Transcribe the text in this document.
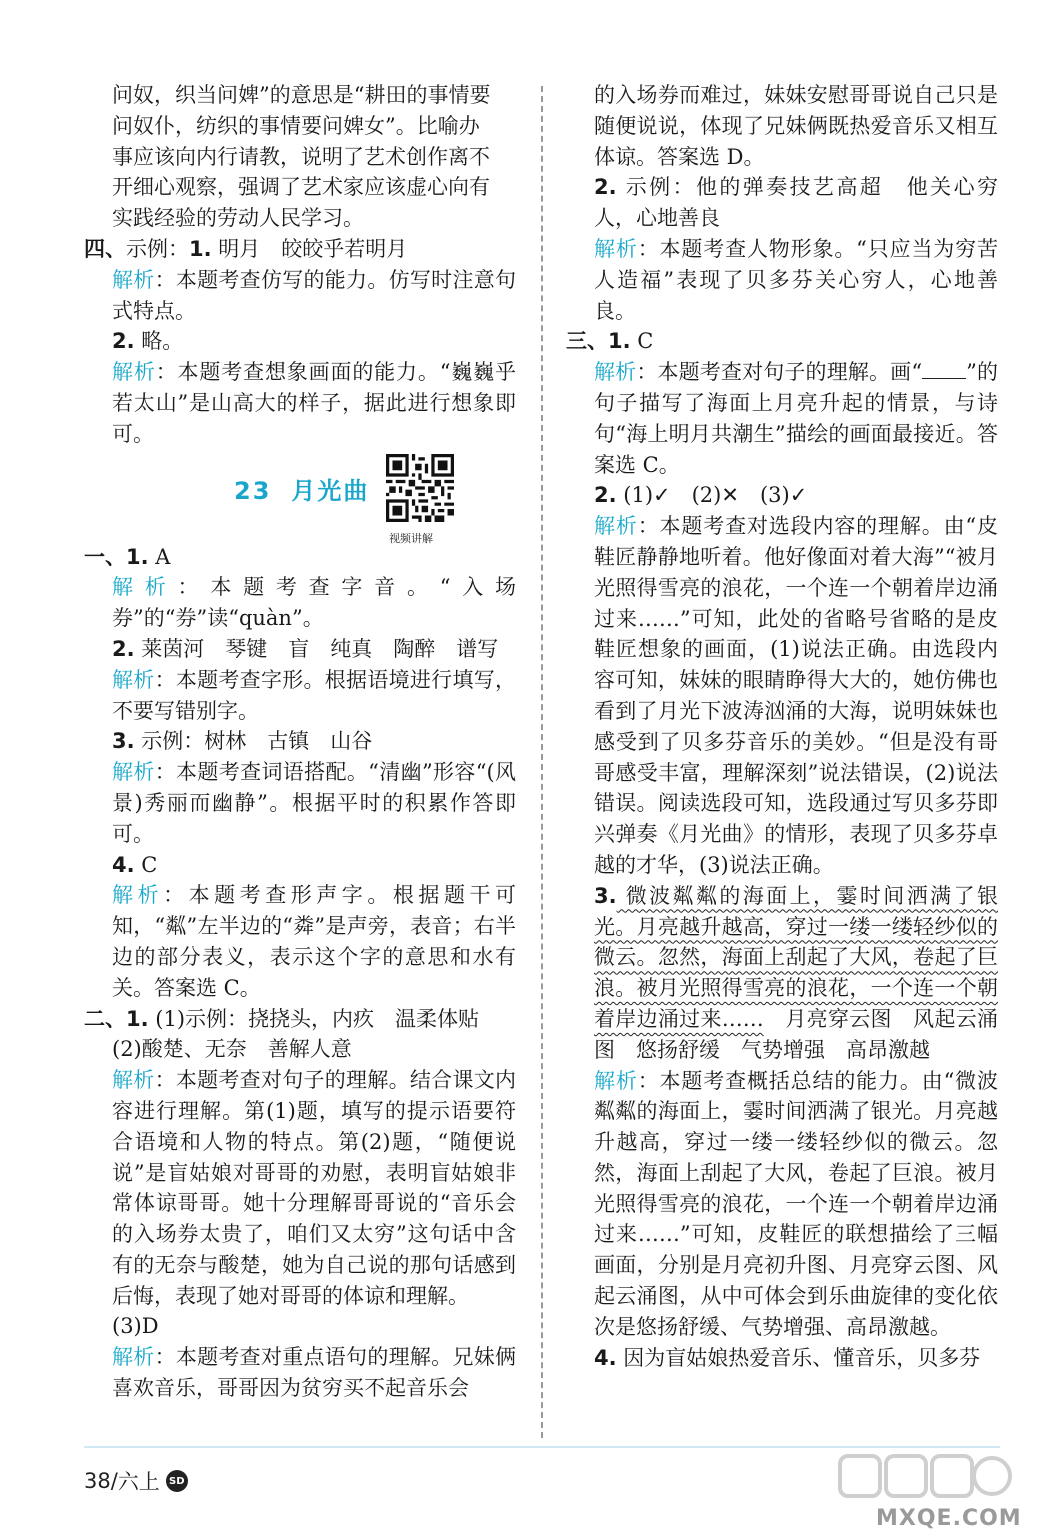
问奴，织当问婢”的意思是“耕田的事情要

问奴仆，纺织的事情要问婢女”。比喻办

事应该向内行请教，说明了艺术创作离不

开细心观察，强调了艺术家应该虚心向有

实践经验的劳动人民学习。

四、示例：1. 明月　皎皎乎若明月

解析：本题考查仿写的能力。仿写时注意句式特点。

2. 略。

解析：本题考查想象画面的能力。“巍巍乎若太山”是山高大的样子，据此进行想象即可。

23 月光曲
视频讲解

一、1. A

解析：本题考查字音。“入场券”的“券”读“quàn”。

2. 莱茵河　琴键　盲　纯真　陶醉　谱写

解析：本题考查字形。根据语境进行填写，不要写错别字。

3. 示例：树林　古镇　山谷

解析：本题考查词语搭配。“清幽”形容“(风景)秀丽而幽静”。根据平时的积累作答即可。

4. C

解析：本题考查形声字。根据题干可知，“粼”左半边的“粦”是声旁，表音；右半边的部分表义，表示这个字的意思和水有关。答案选 C。

二、1. (1)示例：挠挠头，内疚　温柔体贴

(2)酸楚、无奈　善解人意

解析：本题考查对句子的理解。结合课文内容进行理解。第(1)题，填写的提示语要符合语境和人物的特点。第(2)题，“随便说说”是盲姑娘对哥哥的劝慰，表明盲姑娘非常体谅哥哥。她十分理解哥哥说的“音乐会的入场券太贵了，咱们又太穷”这句话中含有的无奈与酸楚，她为自己说的那句话感到后悔，表现了她对哥哥的体谅和理解。

(3)D

解析：本题考查对重点语句的理解。兄妹俩喜欢音乐，哥哥因为贫穷买不起音乐会

的入场券而难过，妹妹安慰哥哥说自己只是随便说说，体现了兄妹俩既热爱音乐又相互体谅。答案选 D。

2. 示例：他的弹奏技艺高超　他关心穷人，心地善良

解析：本题考查人物形象。“只应当为穷苦人造福”表现了贝多芬关心穷人，心地善良。

三、1. C

解析：本题考查对句子的理解。画“ ”的句子描写了海面上月亮升起的情景，与诗句“海上明月共潮生”描绘的画面最接近。答案选 C。

2. (1)✓　(2)✕　(3)✓

解析：本题考查对选段内容的理解。由“皮鞋匠静静地听着。他好像面对着大海”“被月光照得雪亮的浪花，一个连一个朝着岸边涌过来……”可知，此处的省略号省略的是皮鞋匠想象的画面，(1)说法正确。由选段内容可知，妹妹的眼睛睁得大大的，她仿佛也看到了月光下波涛汹涌的大海，说明妹妹也感受到了贝多芬音乐的美妙。“但是没有哥哥感受丰富，理解深刻”说法错误，(2)说法错误。阅读选段可知，选段通过写贝多芬即兴弹奏《月光曲》的情形，表现了贝多芬卓越的才华，(3)说法正确。

3. 微波粼粼的海面上，霎时间洒满了银光。月亮越升越高，穿过一缕一缕轻纱似的微云。忽然，海面上刮起了大风，卷起了巨浪。被月光照得雪亮的浪花，一个连一个朝着岸边涌过来……　月亮穿云图　风起云涌图　悠扬舒缓　气势增强　高昂激越

解析：本题考查概括总结的能力。由“微波粼粼的海面上，霎时间洒满了银光。月亮越升越高，穿过一缕一缕轻纱似的微云。忽然，海面上刮起了大风，卷起了巨浪。被月光照得雪亮的浪花，一个连一个朝着岸边涌过来……”可知，皮鞋匠的联想描绘了三幅画面，分别是月亮初升图、月亮穿云图、风起云涌图，从中可体会到乐曲旋律的变化依次是悠扬舒缓、气势增强、高昂激越。

4. 因为盲姑娘热爱音乐、懂音乐，贝多芬

38 / 六上 SD
MXQE.COM
